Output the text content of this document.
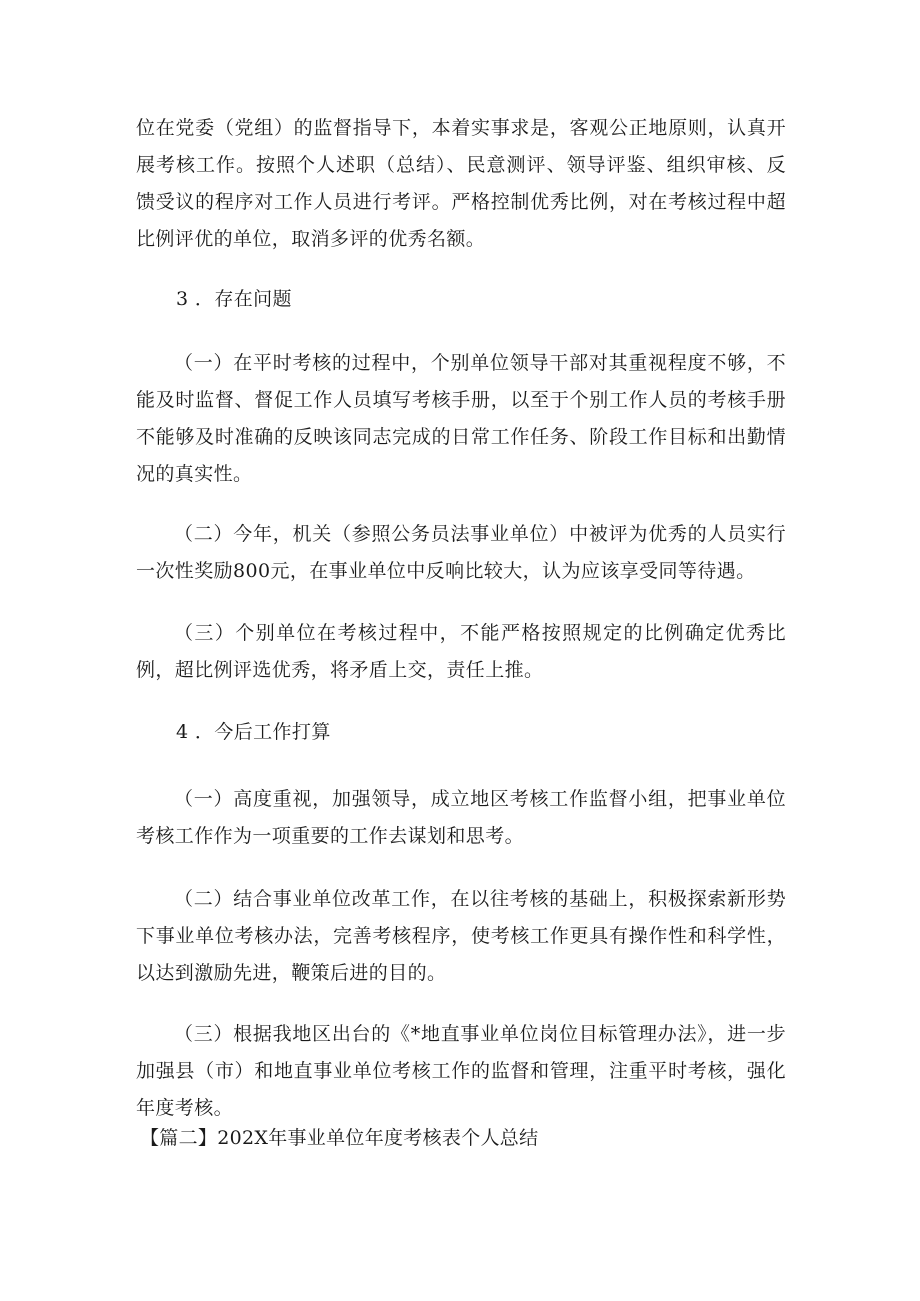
位在党委（党组）的监督指导下，本着实事求是，客观公正地原则，认真开展考核工作。按照个人述职（总结）、民意测评、领导评鉴、组织审核、反馈受议的程序对工作人员进行考评。严格控制优秀比例，对在考核过程中超比例评优的单位，取消多评的优秀名额。

3 ．存在问题

（一）在平时考核的过程中，个别单位领导干部对其重视程度不够，不能及时监督、督促工作人员填写考核手册，以至于个别工作人员的考核手册不能够及时准确的反映该同志完成的日常工作任务、阶段工作目标和出勤情况的真实性。

（二）今年，机关（参照公务员法事业单位）中被评为优秀的人员实行一次性奖励800元，在事业单位中反响比较大，认为应该享受同等待遇。

（三）个别单位在考核过程中，不能严格按照规定的比例确定优秀比例，超比例评选优秀，将矛盾上交，责任上推。

4 ．今后工作打算

（一）高度重视，加强领导，成立地区考核工作监督小组，把事业单位考核工作作为一项重要的工作去谋划和思考。

（二）结合事业单位改革工作，在以往考核的基础上，积极探索新形势下事业单位考核办法，完善考核程序，使考核工作更具有操作性和科学性，以达到激励先进，鞭策后进的目的。

（三）根据我地区出台的《*地直事业单位岗位目标管理办法》，进一步加强县（市）和地直事业单位考核工作的监督和管理，注重平时考核，强化年度考核。

【篇二】202X年事业单位年度考核表个人总结
